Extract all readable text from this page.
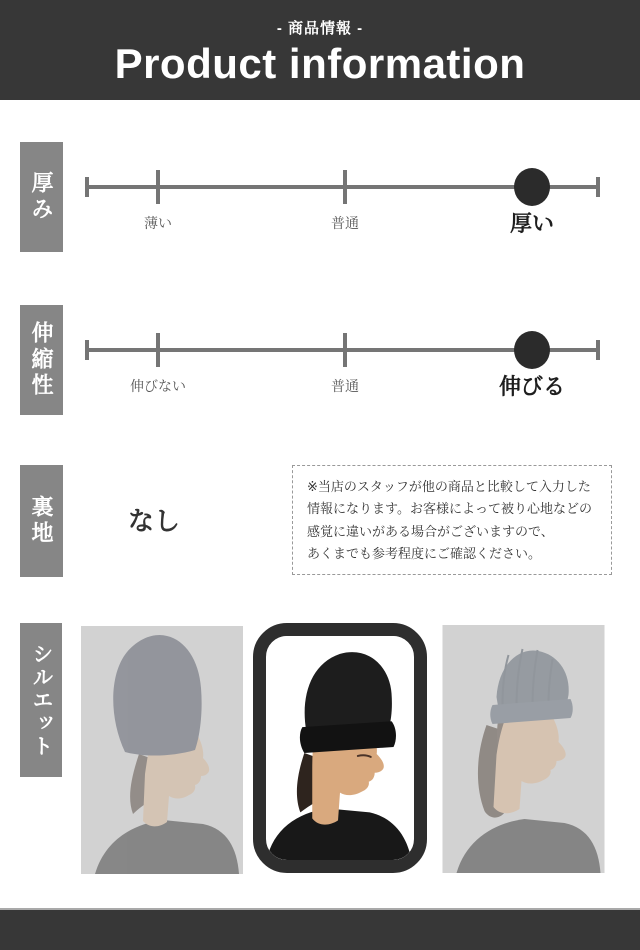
- 商品情報 -
Product information
厚み	薄い	普通	厚い
伸縮性	伸びない	普通	伸びる
裏地	なし
※当店のスタッフが他の商品と比較して入力した
情報になります。お客様によって被り心地などの
感覚に違いがある場合がございますので、
あくまでも参考程度にご確認ください。
シルエット
